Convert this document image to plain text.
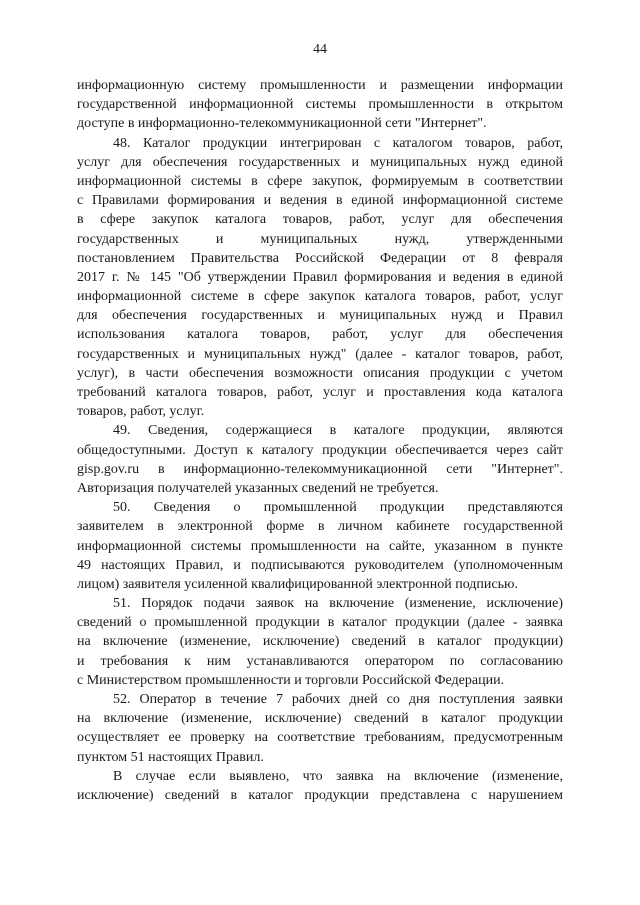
44
информационную систему промышленности и размещении информации
государственной информационной системы промышленности в открытом
доступе в информационно-телекоммуникационной сети "Интернет".
48. Каталог продукции интегрирован с каталогом товаров, работ,
услуг для обеспечения государственных и муниципальных нужд единой
информационной системы в сфере закупок, формируемым в соответствии
с Правилами формирования и ведения в единой информационной системе
в сфере закупок каталога товаров, работ, услуг для обеспечения
государственных и муниципальных нужд, утвержденными
постановлением Правительства Российской Федерации от 8 февраля
2017 г. № 145 "Об утверждении Правил формирования и ведения в единой
информационной системе в сфере закупок каталога товаров, работ, услуг
для обеспечения государственных и муниципальных нужд и Правил
использования каталога товаров, работ, услуг для обеспечения
государственных и муниципальных нужд" (далее - каталог товаров, работ,
услуг), в части обеспечения возможности описания продукции с учетом
требований каталога товаров, работ, услуг и проставления кода каталога
товаров, работ, услуг.
49. Сведения, содержащиеся в каталоге продукции, являются
общедоступными. Доступ к каталогу продукции обеспечивается через сайт
gisp.gov.ru в информационно-телекоммуникационной сети "Интернет".
Авторизация получателей указанных сведений не требуется.
50. Сведения о промышленной продукции представляются
заявителем в электронной форме в личном кабинете государственной
информационной системы промышленности на сайте, указанном в пункте
49 настоящих Правил, и подписываются руководителем (уполномоченным
лицом) заявителя усиленной квалифицированной электронной подписью.
51. Порядок подачи заявок на включение (изменение, исключение)
сведений о промышленной продукции в каталог продукции (далее - заявка
на включение (изменение, исключение) сведений в каталог продукции)
и требования к ним устанавливаются оператором по согласованию
с Министерством промышленности и торговли Российской Федерации.
52. Оператор в течение 7 рабочих дней со дня поступления заявки
на включение (изменение, исключение) сведений в каталог продукции
осуществляет ее проверку на соответствие требованиям, предусмотренным
пунктом 51 настоящих Правил.
В случае если выявлено, что заявка на включение (изменение,
исключение) сведений в каталог продукции представлена с нарушением
